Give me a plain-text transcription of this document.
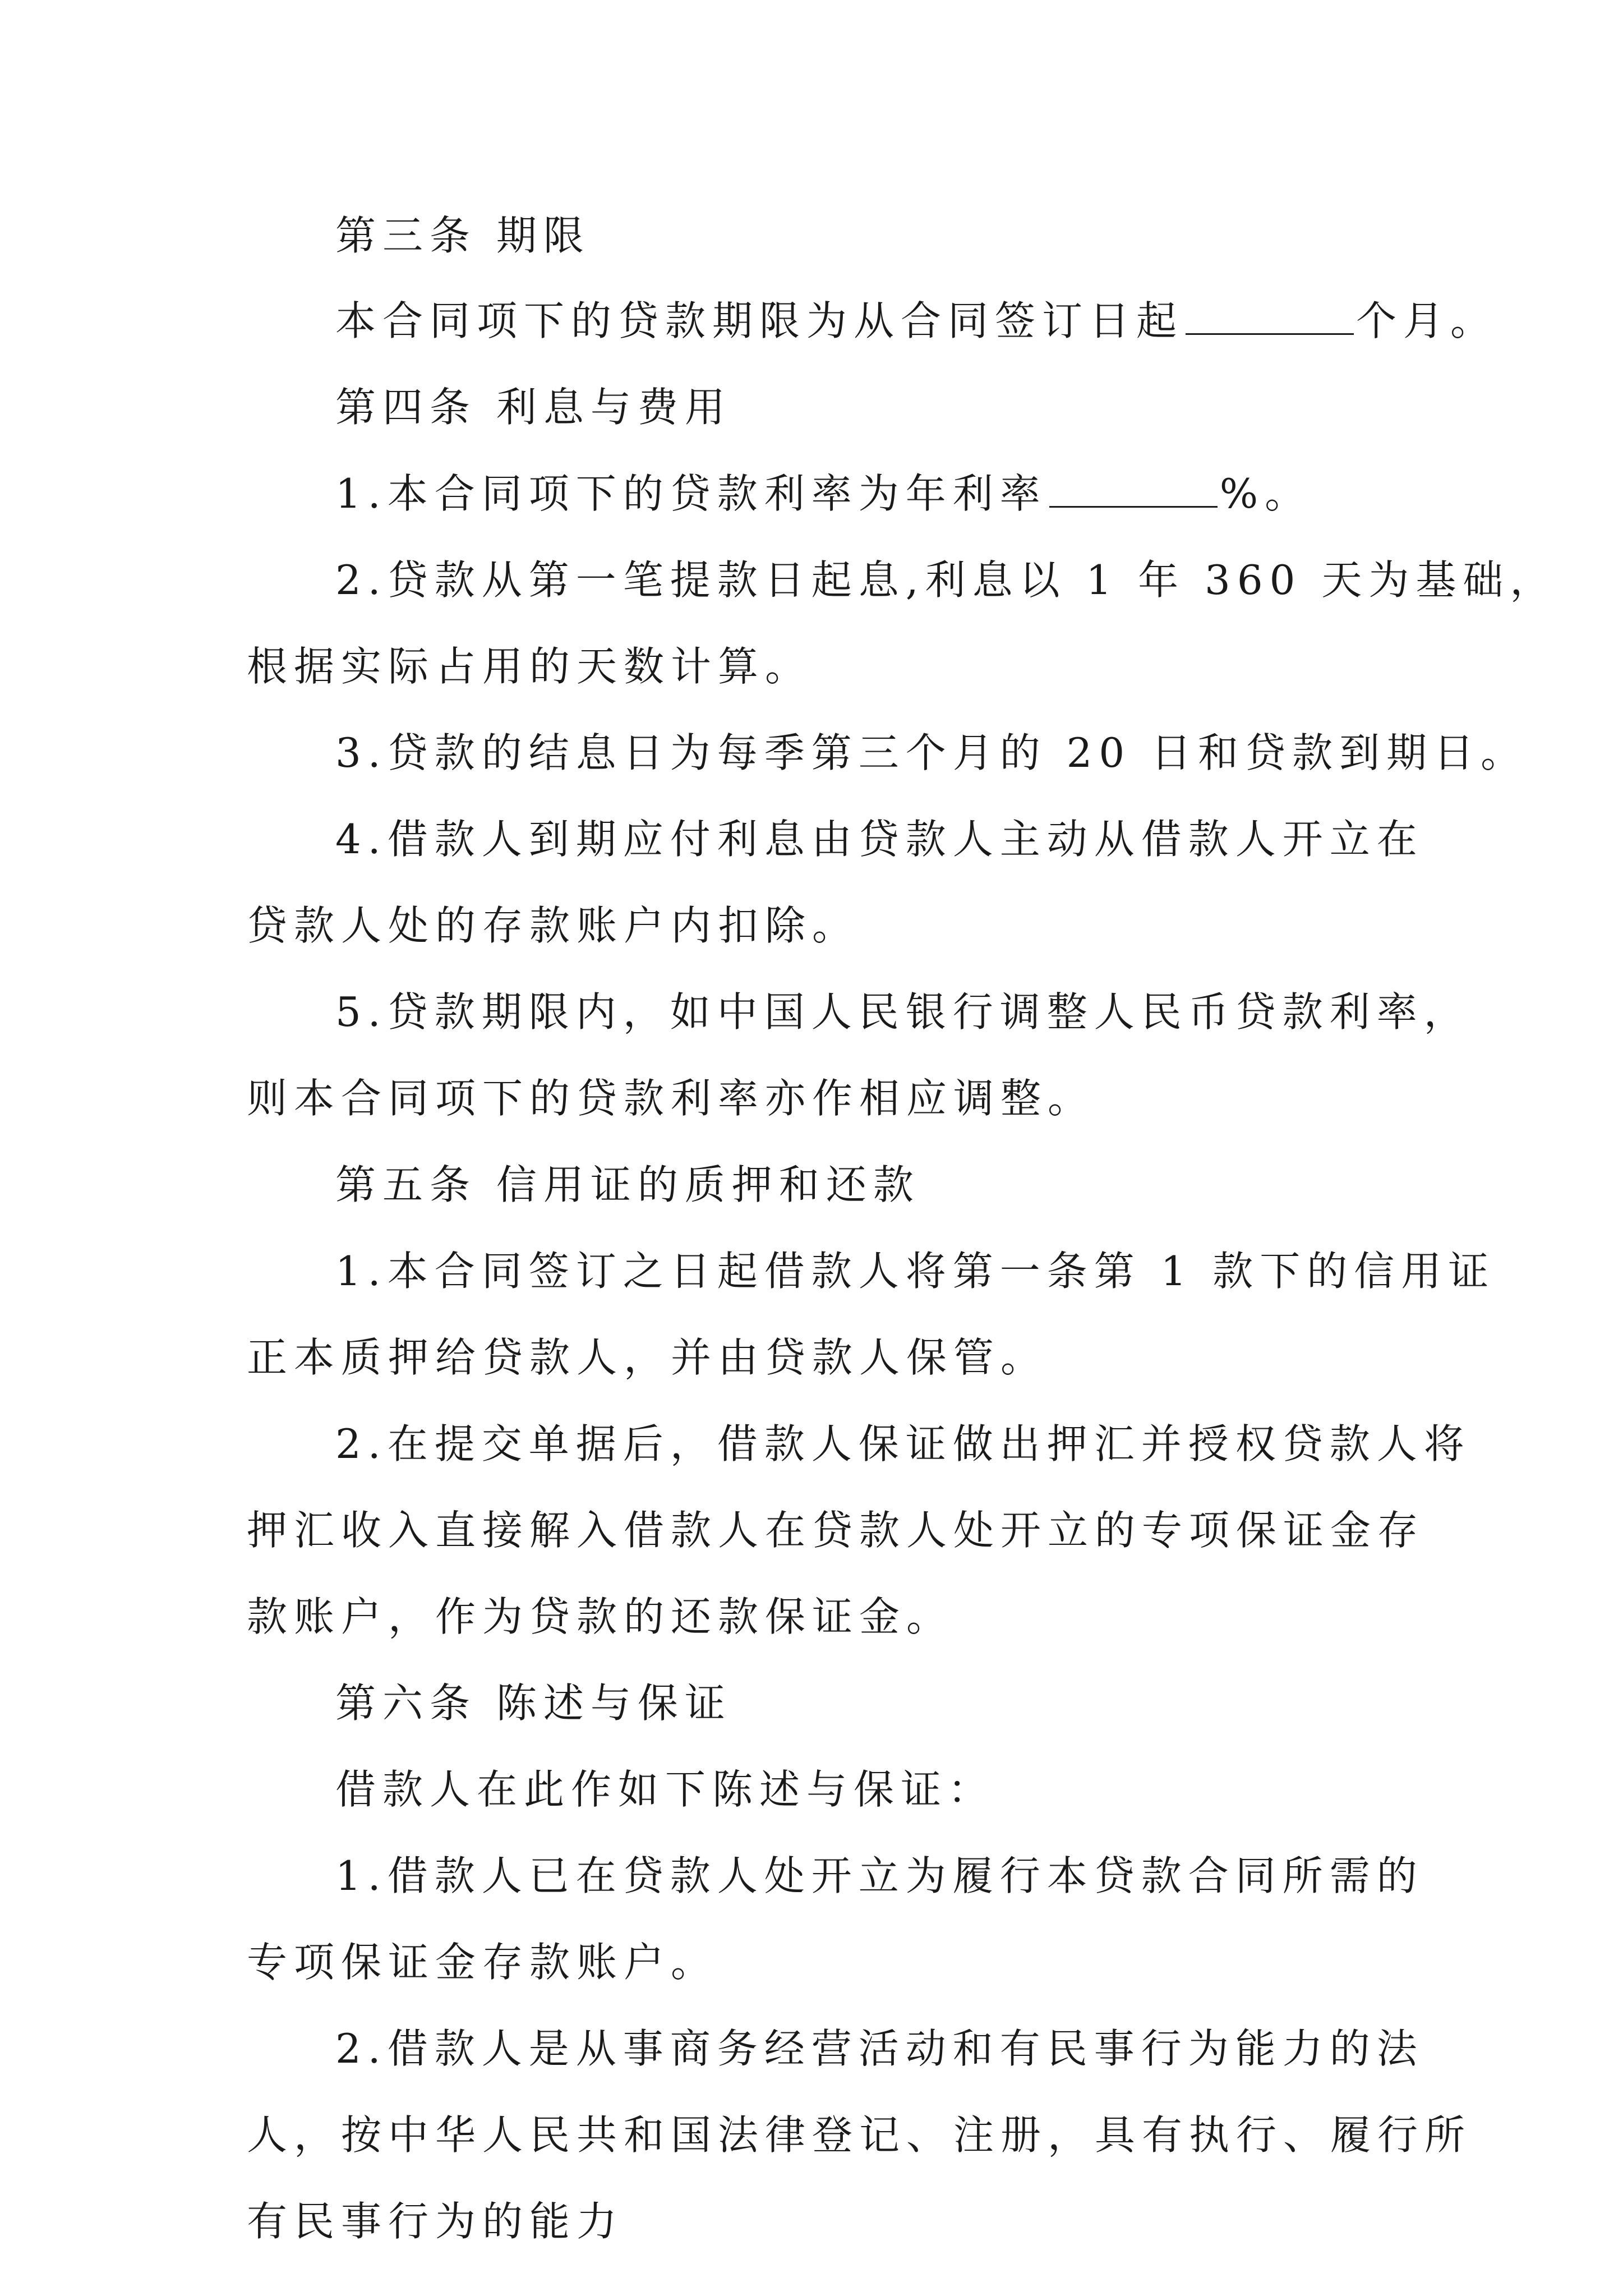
第三条 期限
本合同项下的贷款期限为从合同签订日起	个月。
第四条 利息与费用
1.本合同项下的贷款利率为年利率	%。
2.贷款从第一笔提款日起息,利息以 1 年 360 天为基础，
根据实际占用的天数计算。
3.贷款的结息日为每季第三个月的 20 日和贷款到期日。
4.借款人到期应付利息由贷款人主动从借款人开立在
贷款人处的存款账户内扣除。
5.贷款期限内，如中国人民银行调整人民币贷款利率，
则本合同项下的贷款利率亦作相应调整。
第五条 信用证的质押和还款
1.本合同签订之日起借款人将第一条第 1 款下的信用证
正本质押给贷款人，并由贷款人保管。
2.在提交单据后，借款人保证做出押汇并授权贷款人将
押汇收入直接解入借款人在贷款人处开立的专项保证金存
款账户，作为贷款的还款保证金。
第六条 陈述与保证
借款人在此作如下陈述与保证：
1.借款人已在贷款人处开立为履行本贷款合同所需的
专项保证金存款账户。
2.借款人是从事商务经营活动和有民事行为能力的法
人，按中华人民共和国法律登记、注册，具有执行、履行所
有民事行为的能力
